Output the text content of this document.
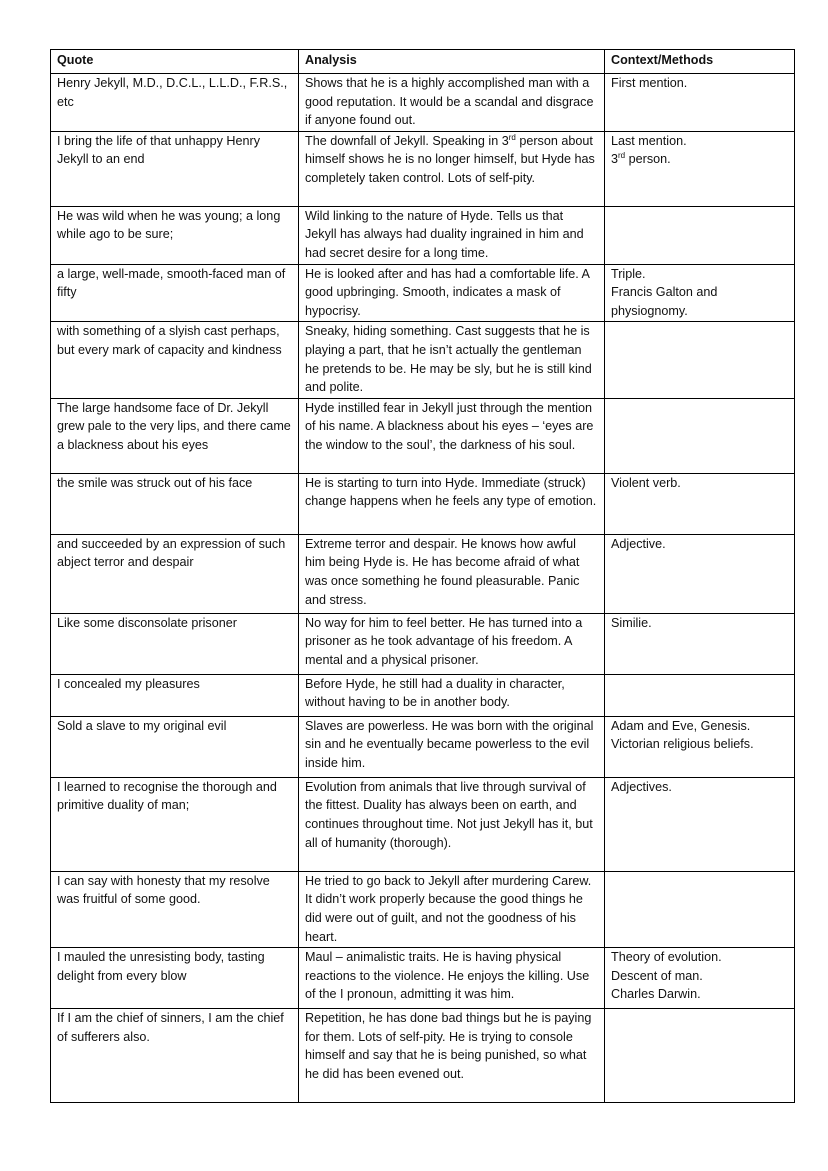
Quote	Analysis	Context/Methods
Henry Jekyll, M.D., D.C.L., L.L.D., F.R.S., etc	Shows that he is a highly accomplished man with a good reputation. It would be a scandal and disgrace if anyone found out.	First mention.

I bring the life of that unhappy Henry Jekyll to an end	The downfall of Jekyll. Speaking in 3rd person about himself shows he is no longer himself, but Hyde has completely taken control. Lots of self-pity.	Last mention.
3rd person.

He was wild when he was young; a long while ago to be sure;	Wild linking to the nature of Hyde. Tells us that Jekyll has always had duality ingrained in him and had secret desire for a long time.	
a large, well-made, smooth-faced man of fifty	He is looked after and has had a comfortable life. A good upbringing. Smooth, indicates a mask of hypocrisy.	Triple.
Francis Galton and physiognomy.

with something of a slyish cast perhaps, but every mark of capacity and kindness	Sneaky, hiding something. Cast suggests that he is playing a part, that he isn’t actually the gentleman he pretends to be. He may be sly, but he is still kind and polite.	
The large handsome face of Dr. Jekyll grew pale to the very lips, and there came a blackness about his eyes	Hyde instilled fear in Jekyll just through the mention of his name. A blackness about his eyes – ‘eyes are the window to the soul’, the darkness of his soul.	
the smile was struck out of his face	He is starting to turn into Hyde. Immediate (struck) change happens when he feels any type of emotion.	Violent verb.

and succeeded by an expression of such abject terror and despair	Extreme terror and despair. He knows how awful him being Hyde is. He has become afraid of what was once something he found pleasurable. Panic and stress.	Adjective.

Like some disconsolate prisoner	No way for him to feel better. He has turned into a prisoner as he took advantage of his freedom. A mental and a physical prisoner.	Similie.

I concealed my pleasures	Before Hyde, he still had a duality in character, without having to be in another body.	
Sold a slave to my original evil	Slaves are powerless. He was born with the original sin and he eventually became powerless to the evil inside him.	Adam and Eve, Genesis.
Victorian religious beliefs.

I learned to recognise the thorough and primitive duality of man;	Evolution from animals that live through survival of the fittest. Duality has always been on earth, and continues throughout time. Not just Jekyll has it, but all of humanity (thorough).	Adjectives.

I can say with honesty that my resolve was fruitful of some good.	He tried to go back to Jekyll after murdering Carew. It didn’t work properly because the good things he did were out of guilt, and not the goodness of his heart.	
I mauled the unresisting body, tasting delight from every blow	Maul – animalistic traits. He is having physical reactions to the violence. He enjoys the killing. Use of the I pronoun, admitting it was him.	Theory of evolution.
Descent of man.
Charles Darwin.

If I am the chief of sinners, I am the chief of sufferers also.	Repetition, he has done bad things but he is paying for them. Lots of self-pity. He is trying to console himself and say that he is being punished, so what he did has been evened out.	
